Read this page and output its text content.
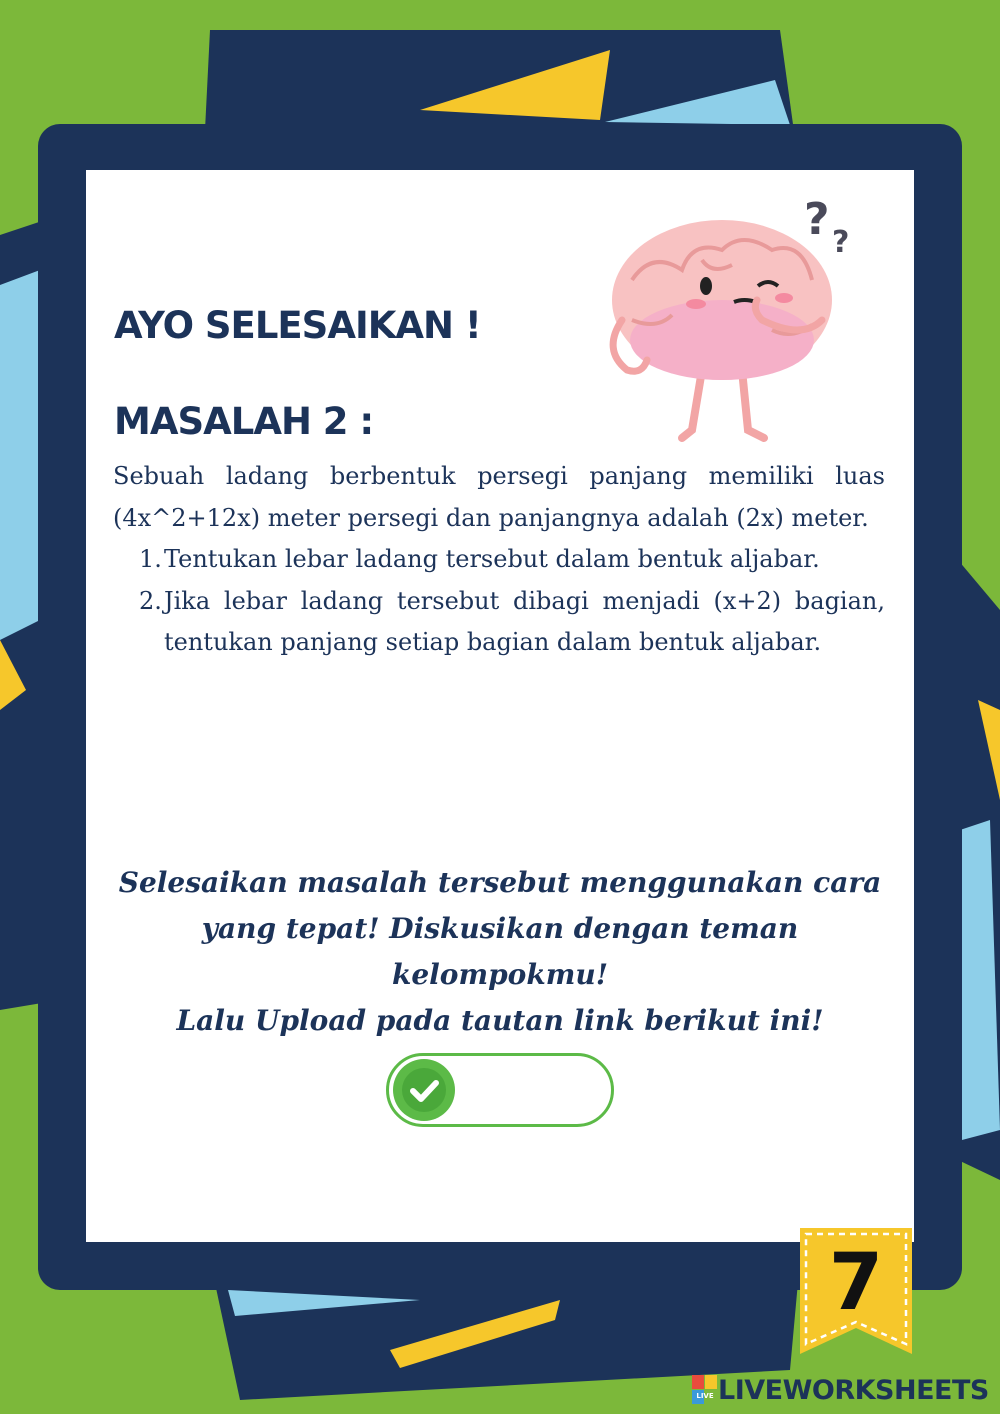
AYO SELESAIKAN !
MASALAH 2 :
? ?

Sebuah ladang berbentuk persegi panjang memiliki luas (4x^2+12x) meter persegi dan panjangnya adalah (2x) meter.

1. Tentukan lebar ladang tersebut dalam bentuk aljabar.
2. Jika lebar ladang tersebut dibagi menjadi (x+2) bagian, tentukan panjang setiap bagian dalam bentuk aljabar.
Selesaikan masalah tersebut menggunakan cara
yang tepat! Diskusikan dengan teman kelompokmu!
Lalu Upload pada tautan link berikut ini!
7
LIVE LIVEWORKSHEETS
